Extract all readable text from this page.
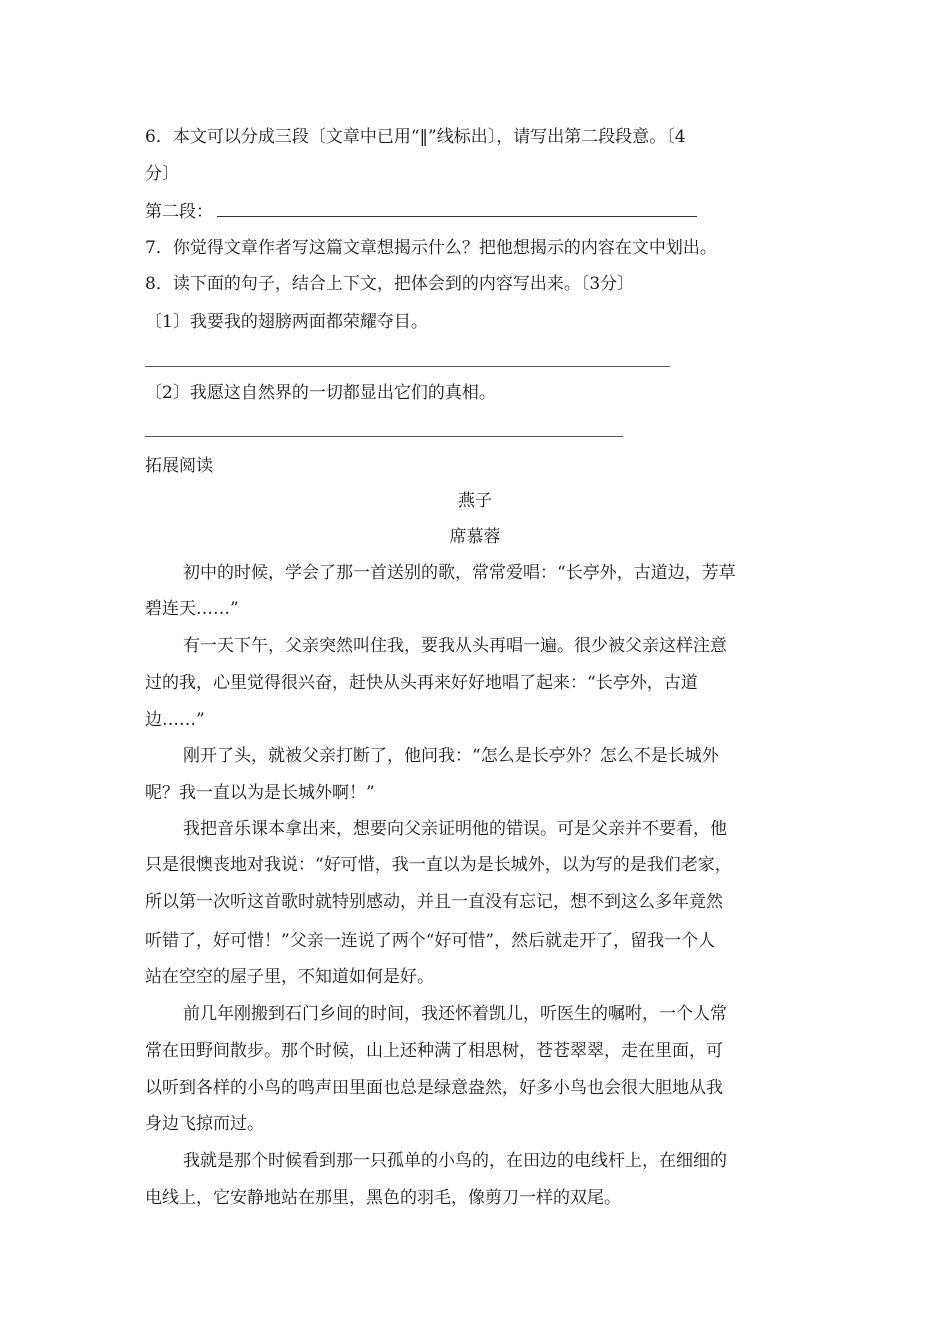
6．本文可以分成三段〔文章中已用“‖”线标出〕，请写出第二段段意。〔4
分〕
第二段：
7．你觉得文章作者写这篇文章想揭示什么？把他想揭示的内容在文中划出。
8．读下面的句子，结合上下文，把体会到的内容写出来。〔3分〕
〔1〕我要我的翅膀两面都荣耀夺目。
〔2〕我愿这自然界的一切都显出它们的真相。
拓展阅读
燕子
席慕蓉
初中的时候，学会了那一首送别的歌，常常爱唱：“长亭外，古道边，芳草
碧连天……”
有一天下午，父亲突然叫住我，要我从头再唱一遍。很少被父亲这样注意
过的我，心里觉得很兴奋，赶快从头再来好好地唱了起来：“长亭外，古道
边……”
刚开了头，就被父亲打断了，他问我：“怎么是长亭外？怎么不是长城外
呢？我一直以为是长城外啊！”
我把音乐课本拿出来，想要向父亲证明他的错误。可是父亲并不要看，他
只是很懊丧地对我说：“好可惜，我一直以为是长城外，以为写的是我们老家，
所以第一次听这首歌时就特别感动，并且一直没有忘记，想不到这么多年竟然
听错了，好可惜！”父亲一连说了两个“好可惜”，然后就走开了，留我一个人
站在空空的屋子里，不知道如何是好。
前几年刚搬到石门乡间的时间，我还怀着凯儿，听医生的嘱咐，一个人常
常在田野间散步。那个时候，山上还种满了相思树，苍苍翠翠，走在里面，可
以听到各样的小鸟的鸣声田里面也总是绿意盎然，好多小鸟也会很大胆地从我
身边飞掠而过。
我就是那个时候看到那一只孤单的小鸟的，在田边的电线杆上，在细细的
电线上，它安静地站在那里，黑色的羽毛，像剪刀一样的双尾。
